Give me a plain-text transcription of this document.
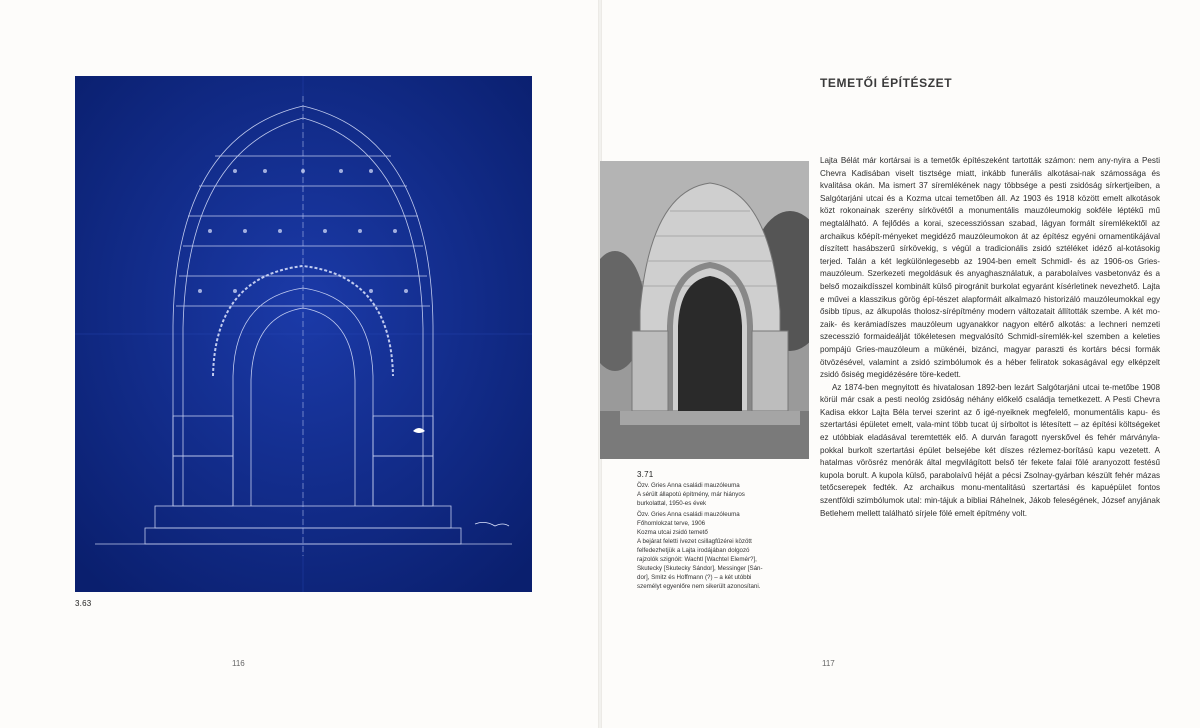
3.63
116
TEMETŐI ÉPÍTÉSZET
3.71

Özv. Gries Anna családi mauzóleuma

A sérült állapotú építmény, már hiányos

burkolattal, 1950-es évek

Özv. Gries Anna családi mauzóleuma

Főhomlokzat terve, 1906

Kozma utcai zsidó temető

A bejárat feletti ívezet csillagfűzérei között

felfedezhetjük a Lajta irodájában dolgozó

rajzolók szignóit: Wachtl [Wachtel Elemér?],

Skutecky [Skutecky Sándor], Messinger [Sán-

dor], Smitz és Hoffmann (?) – a két utóbbi

személyt egyenlőre nem sikerült azonosítani.

Lajta Bélát már kortársai is a temetők építészeként tartották számon: nem any-nyira a Pesti Chevra Kadisában viselt tisztsége miatt, inkább funerális alkotásai-nak számossága és kvalitása okán. Ma ismert 37 síremlékének nagy többsége a pesti zsidóság sírkertjeiben, a Salgótarjáni utcai és a Kozma utcai temetőben áll. Az 1903 és 1918 között emelt alkotások közt rokonainak szerény sírkövétől a monumentális mauzóleumokig sokféle léptékű mű megtalálható. A fejlődés a korai, szecesszióssan szabad, lágyan formált síremlékektől az archaikus kőépít-ményeket megidéző mauzóleumokon át az építész egyéni ornamentikájával díszített hasábszerű sírkövekig, s végül a tradicionális zsidó sztéléket idéző al-kotásokig terjed. Talán a két legkülönlegesebb az 1904-ben emelt Schmidl- és az 1906-os Gries-mauzóleum. Szerkezeti megoldásuk és anyaghasználatuk, a parabolaíves vasbetonváz és a belső mozaikdísszel kombinált külső pirogránit burkolat egyaránt kísérletinek nevezhető. Lajta e művei a klasszikus görög épí-tészet alapformáit alkalmazó historizáló mauzóleumokkal egy ősibb típus, az álkupolás tholosz-sírépítmény modern változatait állították szembe. A két mo-zaik- és kerámiadíszes mauzóleum ugyanakkor nagyon eltérő alkotás: a lechneri nemzeti szecesszió formaideálját tökéletesen megvalósító Schmidl-síremlék-kel szemben a keleties pompájú Gries-mauzóleum a mükénéi, bizánci, magyar paraszti és kortárs bécsi formák ötvözésével, valamint a zsidó szimbólumok és a héber feliratok sokaságával egy elképzelt zsidó ősiség megidézésére töre-kedett.

Az 1874-ben megnyitott és hivatalosan 1892-ben lezárt Salgótarjáni utcai te-metőbe 1908 körül már csak a pesti neológ zsidóság néhány előkelő családja temetkezett. A Pesti Chevra Kadisa ekkor Lajta Béla tervei szerint az ő igé-nyeiknek megfelelő, monumentális kapu- és szertartási épületet emelt, vala-mint több tucat új sírboltot is létesített – az építési költségeket ez utóbbiak eladásával teremtették elő. A durván faragott nyerskővel és fehér márványla-pokkal burkolt szertartási épület belsejébe két díszes rézlemez-borítású kapu vezetett. A hatalmas vörösréz menórák által megvilágított belső tér fekete falai fölé aranyozott festésű kupola borult. A kupola külső, parabolaívű héját a pécsi Zsolnay-gyárban készült fehér mázas tetőcserepek fedték. Az archaikus monu-mentalitású szertartási és kapuépület fontos szentföldi szimbólumok utal: min-tájuk a bibliai Ráhelnek, Jákob feleségének, József anyjának Betlehem mellett található sírjele fölé emelt építmény volt.

117
